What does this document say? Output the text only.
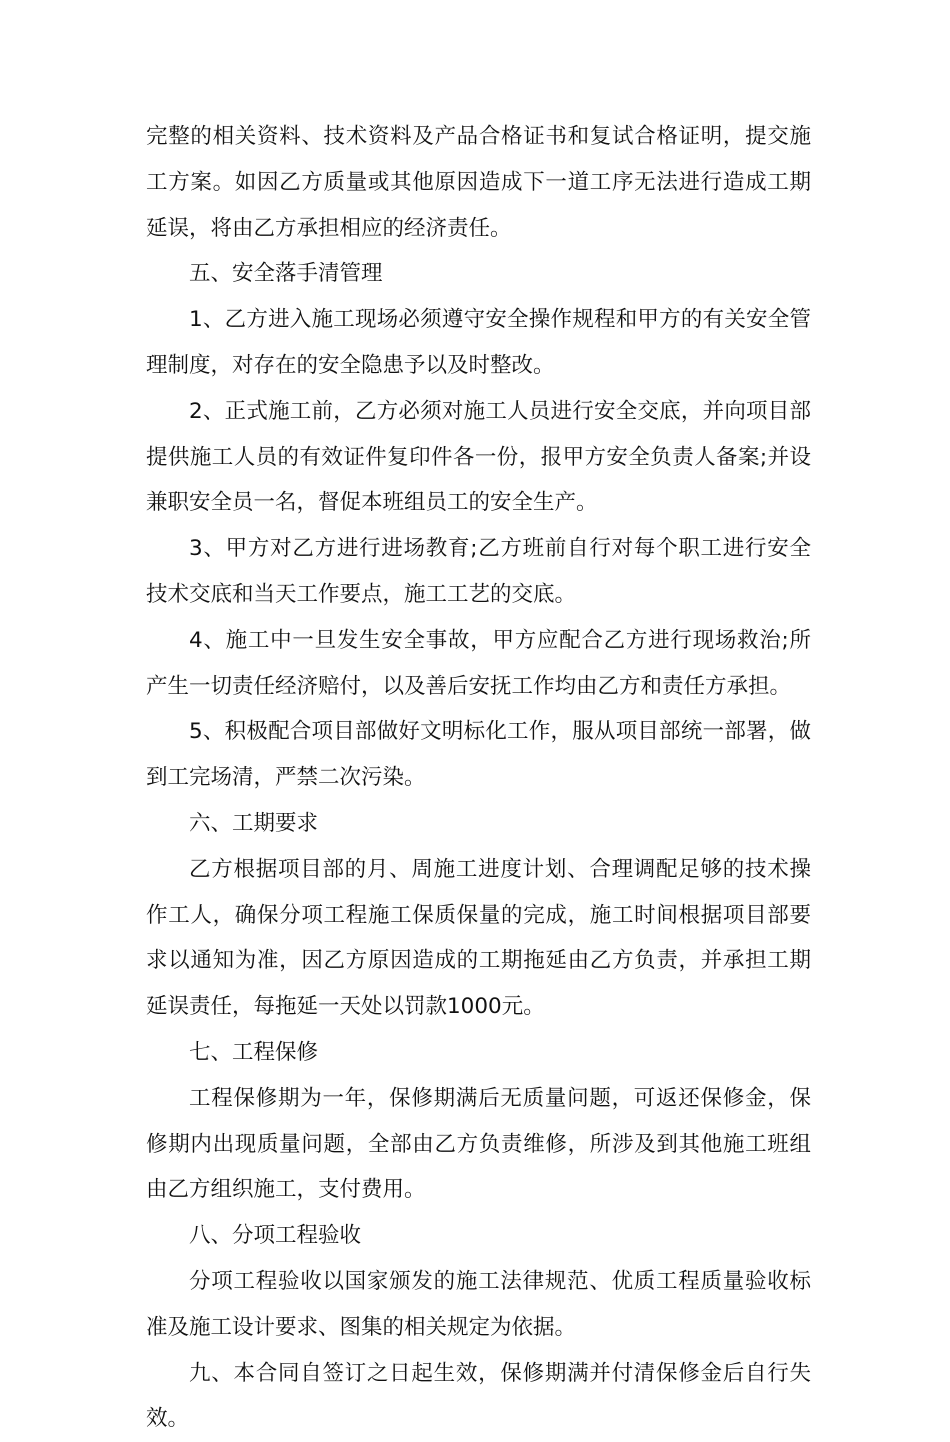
完整的相关资料、技术资料及产品合格证书和复试合格证明，提交施工方案。如因乙方质量或其他原因造成下一道工序无法进行造成工期延误，将由乙方承担相应的经济责任。

五、安全落手清管理

1、乙方进入施工现场必须遵守安全操作规程和甲方的有关安全管理制度，对存在的安全隐患予以及时整改。

2、正式施工前，乙方必须对施工人员进行安全交底，并向项目部提供施工人员的有效证件复印件各一份，报甲方安全负责人备案;并设兼职安全员一名，督促本班组员工的安全生产。

3、甲方对乙方进行进场教育;乙方班前自行对每个职工进行安全技术交底和当天工作要点，施工工艺的交底。

4、施工中一旦发生安全事故，甲方应配合乙方进行现场救治;所产生一切责任经济赔付，以及善后安抚工作均由乙方和责任方承担。

5、积极配合项目部做好文明标化工作，服从项目部统一部署，做到工完场清，严禁二次污染。

六、工期要求

乙方根据项目部的月、周施工进度计划、合理调配足够的技术操作工人，确保分项工程施工保质保量的完成，施工时间根据项目部要求以通知为准，因乙方原因造成的工期拖延由乙方负责，并承担工期延误责任，每拖延一天处以罚款1000元。

七、工程保修

工程保修期为一年，保修期满后无质量问题，可返还保修金，保修期内出现质量问题，全部由乙方负责维修，所涉及到其他施工班组由乙方组织施工，支付费用。

八、分项工程验收

分项工程验收以国家颁发的施工法律规范、优质工程质量验收标准及施工设计要求、图集的相关规定为依据。

九、本合同自签订之日起生效，保修期满并付清保修金后自行失效。
